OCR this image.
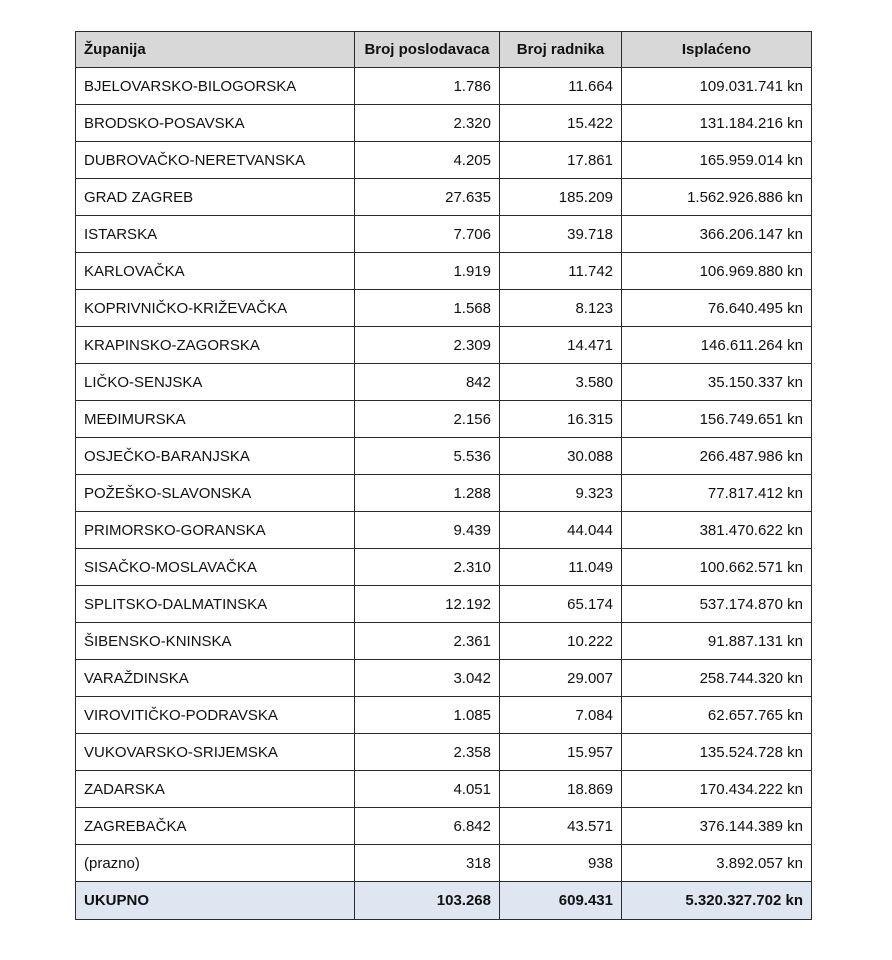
Županija	Broj poslodavaca	Broj radnika	Isplaćeno
BJELOVARSKO-BILOGORSKA	1.786	11.664	109.031.741 kn
BRODSKO-POSAVSKA	2.320	15.422	131.184.216 kn
DUBROVAČKO-NERETVANSKA	4.205	17.861	165.959.014 kn
GRAD ZAGREB	27.635	185.209	1.562.926.886 kn
ISTARSKA	7.706	39.718	366.206.147 kn
KARLOVAČKA	1.919	11.742	106.969.880 kn
KOPRIVNIČKO-KRIŽEVAČKA	1.568	8.123	76.640.495 kn
KRAPINSKO-ZAGORSKA	2.309	14.471	146.611.264 kn
LIČKO-SENJSKA	842	3.580	35.150.337 kn
MEĐIMURSKA	2.156	16.315	156.749.651 kn
OSJEČKO-BARANJSKA	5.536	30.088	266.487.986 kn
POŽEŠKO-SLAVONSKA	1.288	9.323	77.817.412 kn
PRIMORSKO-GORANSKA	9.439	44.044	381.470.622 kn
SISAČKO-MOSLAVAČKA	2.310	11.049	100.662.571 kn
SPLITSKO-DALMATINSKA	12.192	65.174	537.174.870 kn
ŠIBENSKO-KNINSKA	2.361	10.222	91.887.131 kn
VARAŽDINSKA	3.042	29.007	258.744.320 kn
VIROVITIČKO-PODRAVSKA	1.085	7.084	62.657.765 kn
VUKOVARSKO-SRIJEMSKA	2.358	15.957	135.524.728 kn
ZADARSKA	4.051	18.869	170.434.222 kn
ZAGREBAČKA	6.842	43.571	376.144.389 kn
(prazno)	318	938	3.892.057 kn
UKUPNO	103.268	609.431	5.320.327.702 kn
